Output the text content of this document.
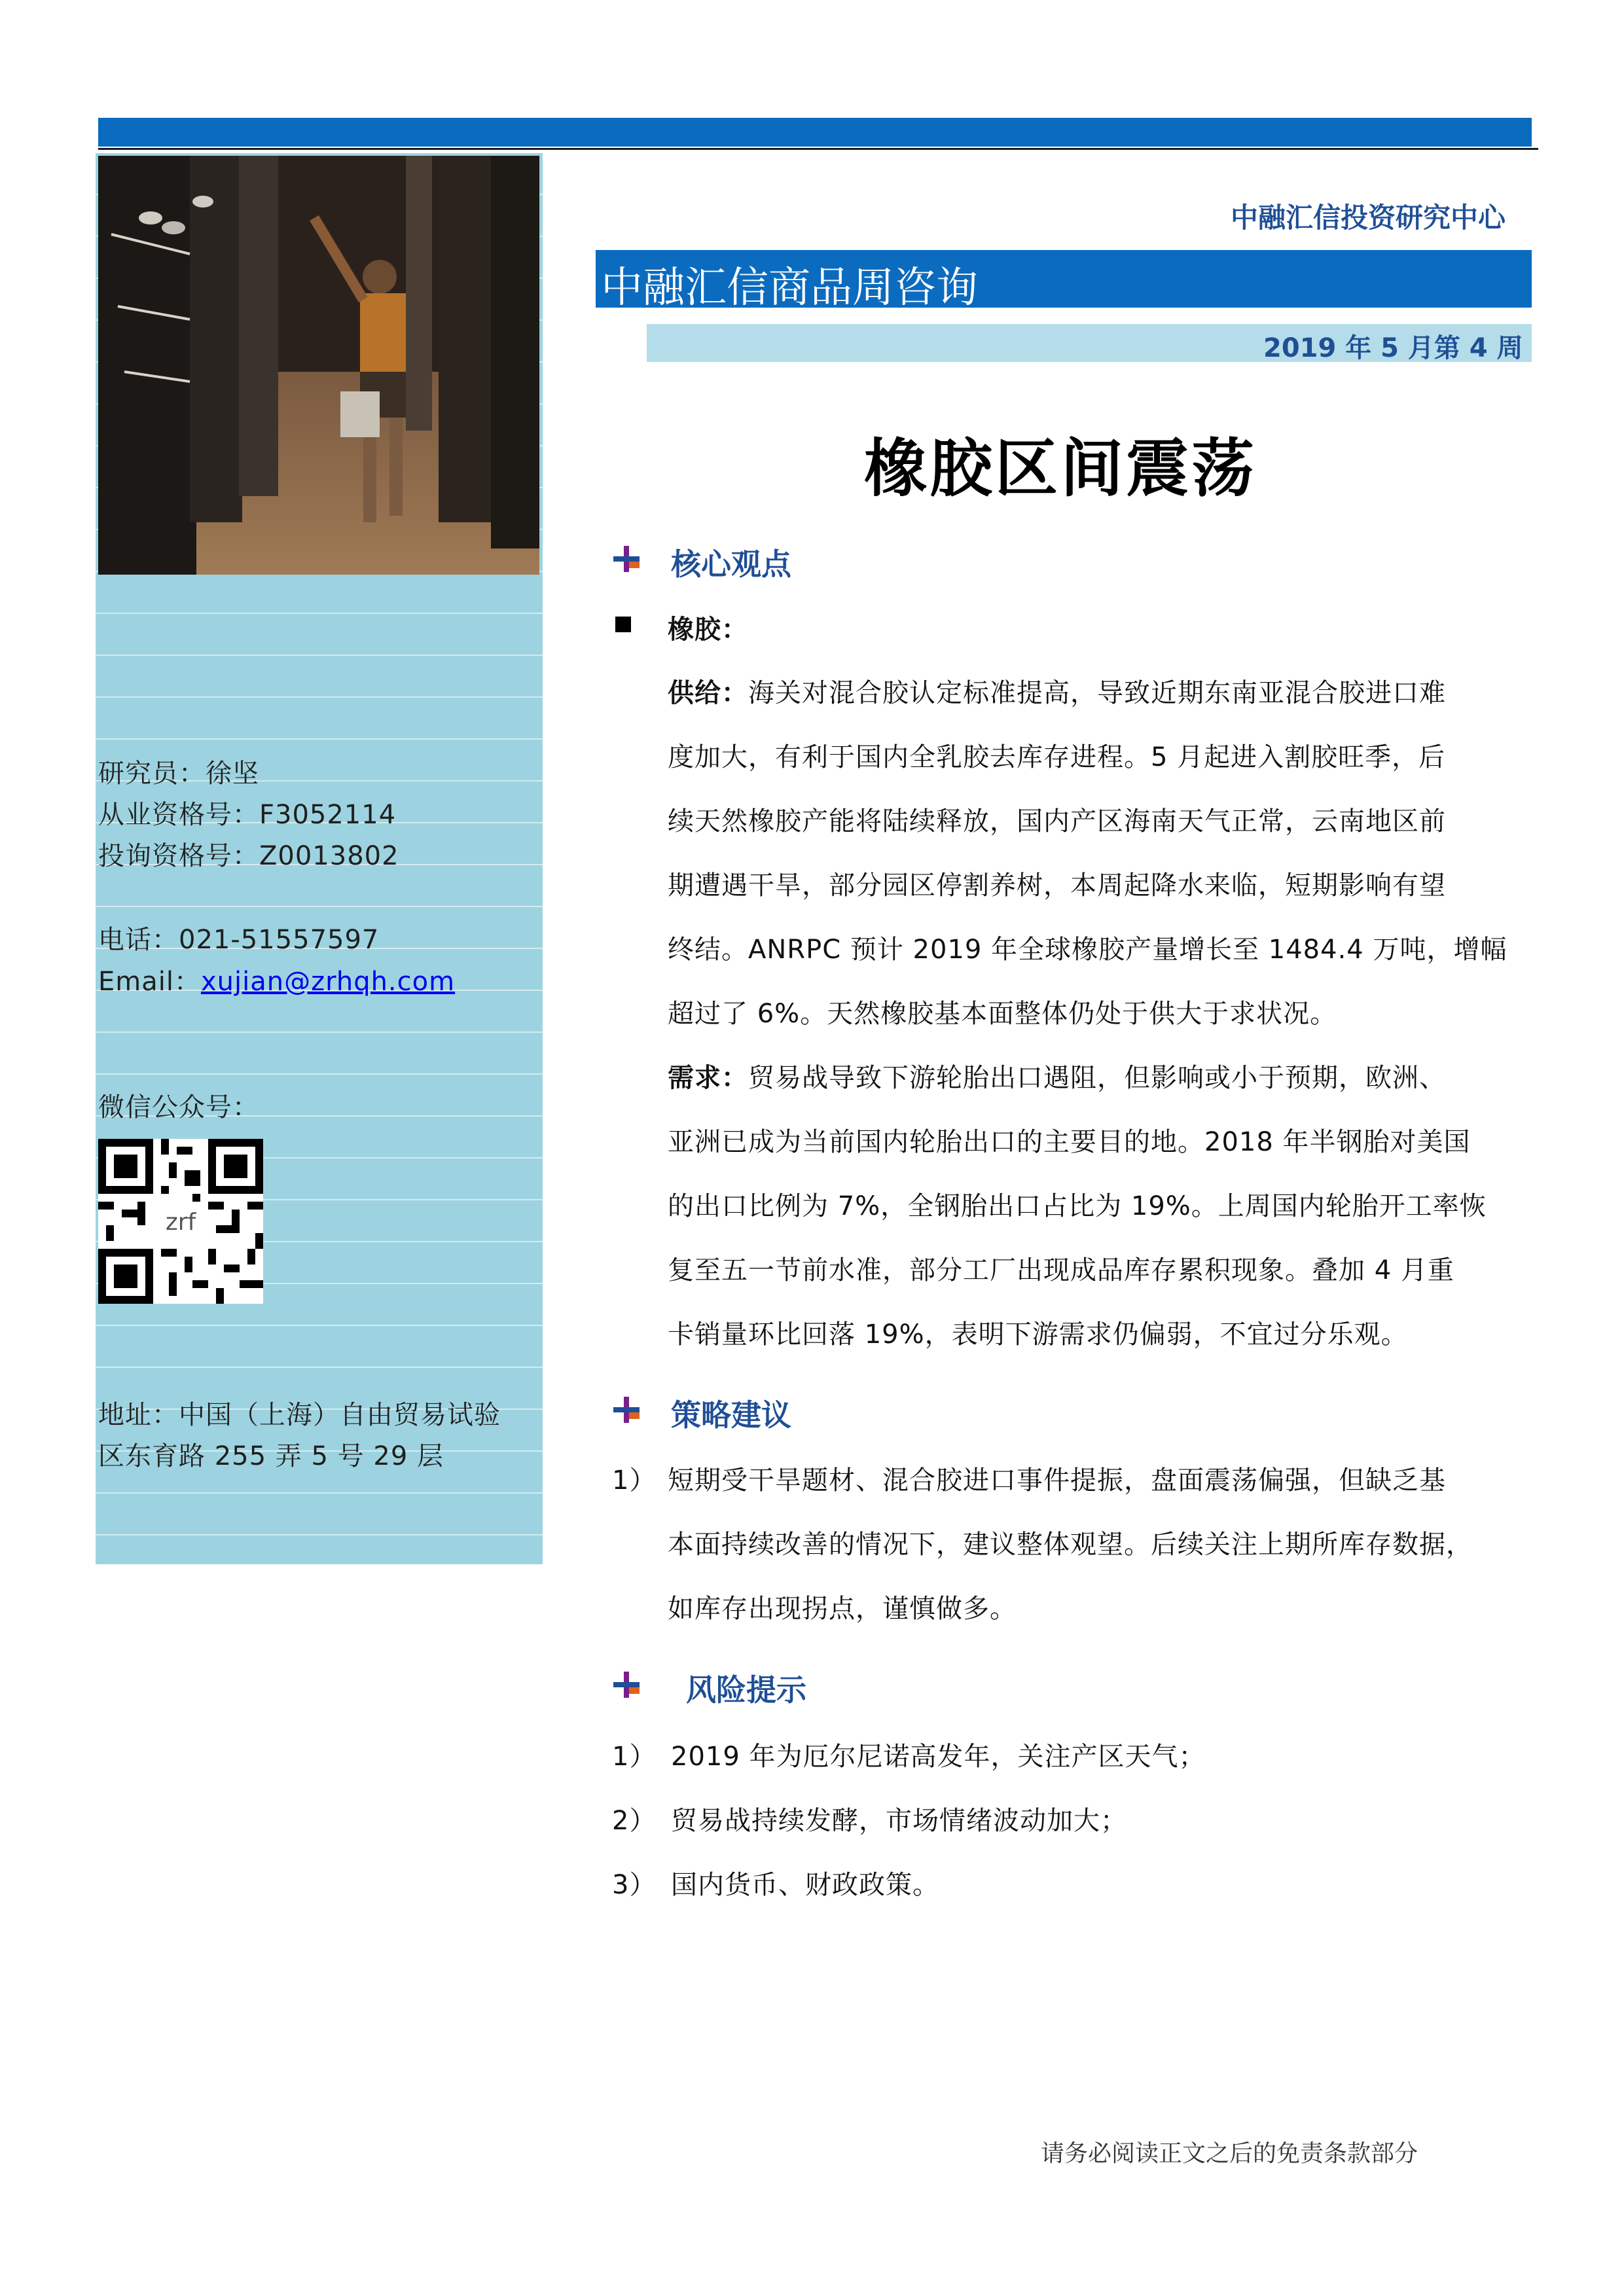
研究员：徐坚
从业资格号：F3052114
投询资格号：Z0013802
电话：021-51557597
Email：xujian@zrhqh.com
微信公众号：
zrf
地址：中国（上海）自由贸易试验
区东育路 255 弄 5 号 29 层
中融汇信投资研究中心
中融汇信商品周咨询
2019 年 5 月第 4 周
橡胶区间震荡
核心观点
橡胶：
供给：海关对混合胶认定标准提高，导致近期东南亚混合胶进口难
度加大，有利于国内全乳胶去库存进程。5 月起进入割胶旺季，后
续天然橡胶产能将陆续释放，国内产区海南天气正常，云南地区前
期遭遇干旱，部分园区停割养树，本周起降水来临，短期影响有望
终结。ANRPC 预计 2019 年全球橡胶产量增长至 1484.4 万吨，增幅
超过了 6%。天然橡胶基本面整体仍处于供大于求状况。
需求：贸易战导致下游轮胎出口遇阻，但影响或小于预期，欧洲、
亚洲已成为当前国内轮胎出口的主要目的地。2018 年半钢胎对美国
的出口比例为 7%，全钢胎出口占比为 19%。上周国内轮胎开工率恢
复至五一节前水准，部分工厂出现成品库存累积现象。叠加 4 月重
卡销量环比回落 19%，表明下游需求仍偏弱，不宜过分乐观。
策略建议
1） 短期受干旱题材、混合胶进口事件提振，盘面震荡偏强，但缺乏基
本面持续改善的情况下，建议整体观望。后续关注上期所库存数据，
如库存出现拐点，谨慎做多。
风险提示
1） 2019 年为厄尔尼诺高发年，关注产区天气；
2） 贸易战持续发酵，市场情绪波动加大；
3） 国内货币、财政政策。
请务必阅读正文之后的免责条款部分
